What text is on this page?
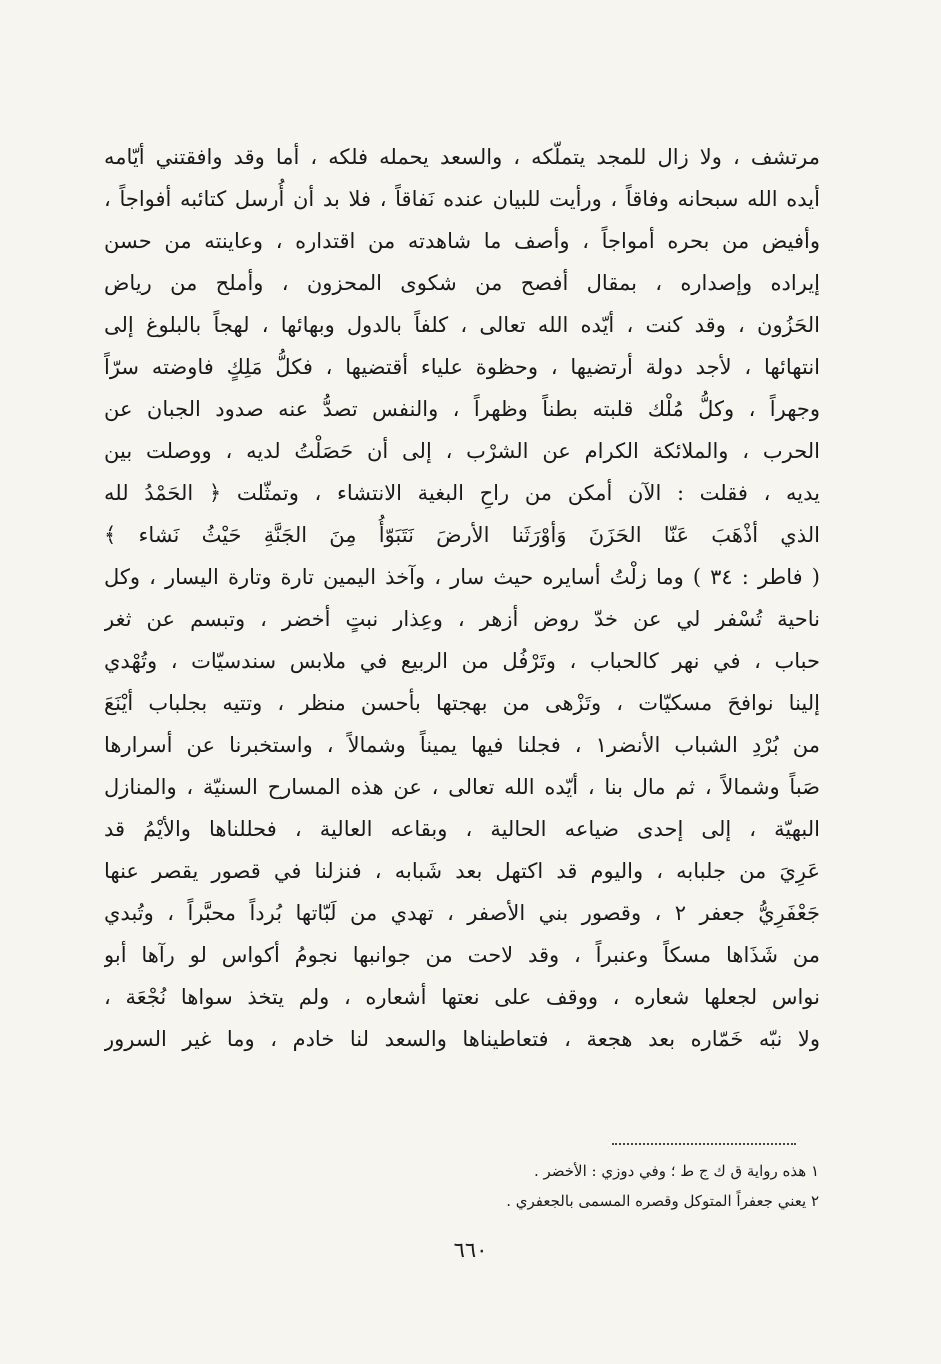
مرتشف ، ولا زال للمجد يتملّكه ، والسعد يحمله فلكه ، أما وقد وافقتني أيّامه
أيده الله سبحانه وفاقاً ، ورأيت للبيان عنده نَفاقاً ، فلا بد أن أُرسل كتائبه أفواجاً ،
وأفيض من بحره أمواجاً ، وأصف ما شاهدته من اقتداره ، وعاينته من حسن
إيراده وإصداره ، بمقال أفصح من شكوى المحزون ، وأملح من رياض
الحَزُون ، وقد كنت ، أيّده الله تعالى ، كلفاً بالدول وبهائها ، لهجاً بالبلوغ إلى
انتهائها ، لأجد دولة أرتضيها ، وحظوة علياء أقتضيها ، فكلُّ مَلِكٍ فاوضته سرّاً
وجهراً ، وكلُّ مُلْك قلبته بطناً وظهراً ، والنفس تصدُّ عنه صدود الجبان عن
الحرب ، والملائكة الكرام عن الشرْب ، إلى أن حَصَلْتُ لديه ، ووصلت بين
يديه ، فقلت : الآن أمكن من راحِ البغية الانتشاء ، وتمثّلت ﴿ الحَمْدُ لله
الذي أذْهَبَ عَنّا الحَزَنَ وَأوْرَثَنا الأرضَ نَتَبَوّأُ مِنَ الجَنَّةِ حَيْثُ نَشاء ﴾
( فاطر : ٣٤ ) وما زلْتُ أسايره حيث سار ، وآخذ اليمين تارة وتارة اليسار ، وكل
ناحية تُسْفر لي عن خدّ روض أزهر ، وعِذار نبتٍ أخضر ، وتبسم عن ثغر
حباب ، في نهر كالحباب ، وتَرْفُل من الربيع في ملابس سندسيّات ، وتُهْدي
إلينا نوافحَ مسكيّات ، وتَزْهى من بهجتها بأحسن منظر ، وتتيه بجلباب أيْنَعَ
من بُرْدِ الشباب الأنضر١ ، فجلنا فيها يميناً وشمالاً ، واستخبرنا عن أسرارها
صَباً وشمالاً ، ثم مال بنا ، أيّده الله تعالى ، عن هذه المسارح السنيّة ، والمنازل
البهيّة ، إلى إحدى ضياعه الحالية ، وبقاعه العالية ، فحللناها والأيْمُ قد
عَرِيَ من جلبابه ، واليوم قد اكتهل بعد شَبابه ، فنزلنا في قصور يقصر عنها
جَعْفَرِيُّ جعفر ٢ ، وقصور بني الأصفر ، تهدي من لَبّاتها بُرداً محبَّراً ، وتُبدي
من شَذَاها مسكاً وعنبراً ، وقد لاحت من جوانبها نجومُ أكواس لو رآها أبو
نواس لجعلها شعاره ، ووقف على نعتها أشعاره ، ولم يتخذ سواها نُجْعَة ،
ولا نبّه خَمّاره بعد هجعة ، فتعاطيناها والسعد لنا خادم ، وما غير السرور
١ هذه رواية ق ك ج ط ؛ وفي دوزي : الأخضر .
٢ يعني جعفراً المتوكل وقصره المسمى بالجعفري .
٦٦٠
